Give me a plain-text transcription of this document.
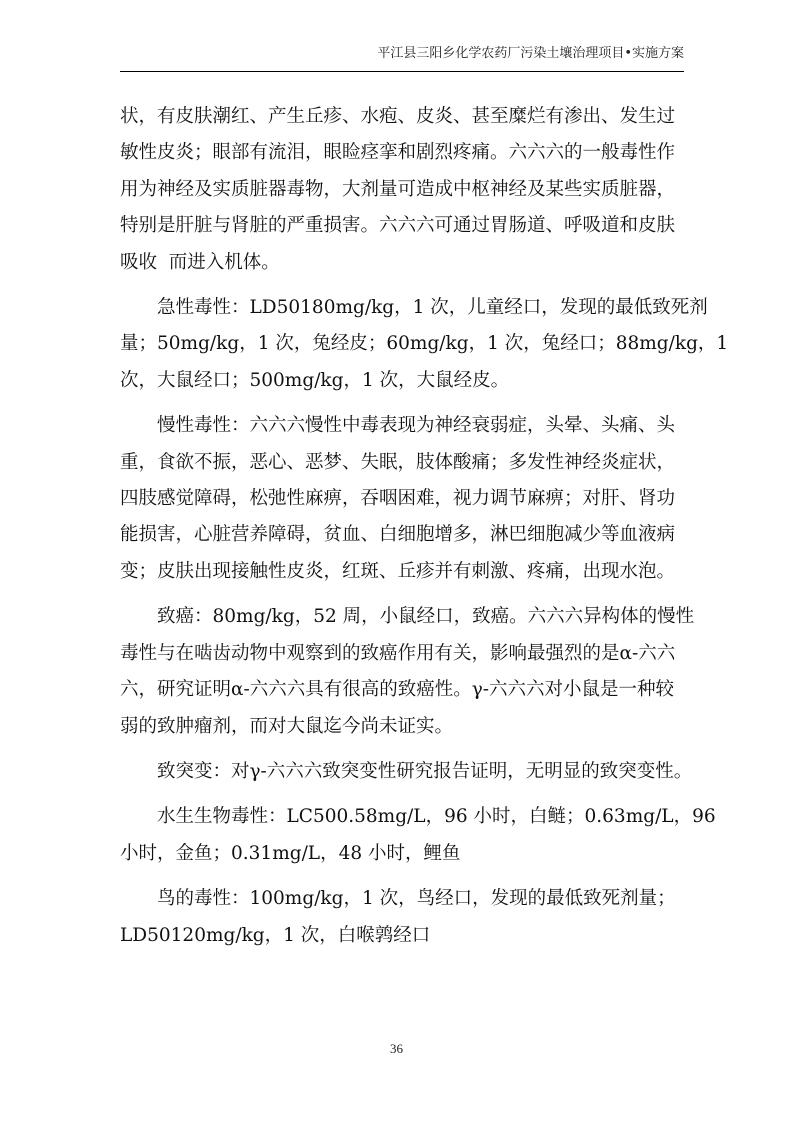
平江县三阳乡化学农药厂污染土壤治理项目•实施方案

状，有皮肤潮红、产生丘疹、水疱、皮炎、甚至糜烂有渗出、发生过
敏性皮炎；眼部有流泪，眼睑痉挛和剧烈疼痛。六六六的一般毒性作
用为神经及实质脏器毒物，大剂量可造成中枢神经及某些实质脏器，
特别是肝脏与肾脏的严重损害。六六六可通过胃肠道、呼吸道和皮肤
吸收  而进入机体。

急性毒性：LD50180mg/kg，1 次，儿童经口，发现的最低致死剂
量；50mg/kg，1 次，兔经皮；60mg/kg，1 次，兔经口；88mg/kg，1
次，大鼠经口；500mg/kg，1 次，大鼠经皮。

慢性毒性：六六六慢性中毒表现为神经衰弱症，头晕、头痛、头
重，食欲不振，恶心、恶梦、失眠，肢体酸痛；多发性神经炎症状，
四肢感觉障碍，松弛性麻痹，吞咽困难，视力调节麻痹；对肝、肾功
能损害，心脏营养障碍，贫血、白细胞增多，淋巴细胞减少等血液病
变；皮肤出现接触性皮炎，红斑、丘疹并有刺激、疼痛，出现水泡。

致癌：80mg/kg，52 周，小鼠经口，致癌。六六六异构体的慢性
毒性与在啮齿动物中观察到的致癌作用有关，影响最强烈的是α-六六
六，研究证明α-六六六具有很高的致癌性。γ-六六六对小鼠是一种较
弱的致肿瘤剂，而对大鼠迄今尚未证实。

致突变：对γ-六六六致突变性研究报告证明，无明显的致突变性。

水生生物毒性：LC500.58mg/L，96 小时，白鲢；0.63mg/L，96
小时，金鱼；0.31mg/L，48 小时，鲤鱼

鸟的毒性：100mg/kg，1 次，鸟经口，发现的最低致死剂量；
LD50120mg/kg，1 次，白喉鹑经口

36
